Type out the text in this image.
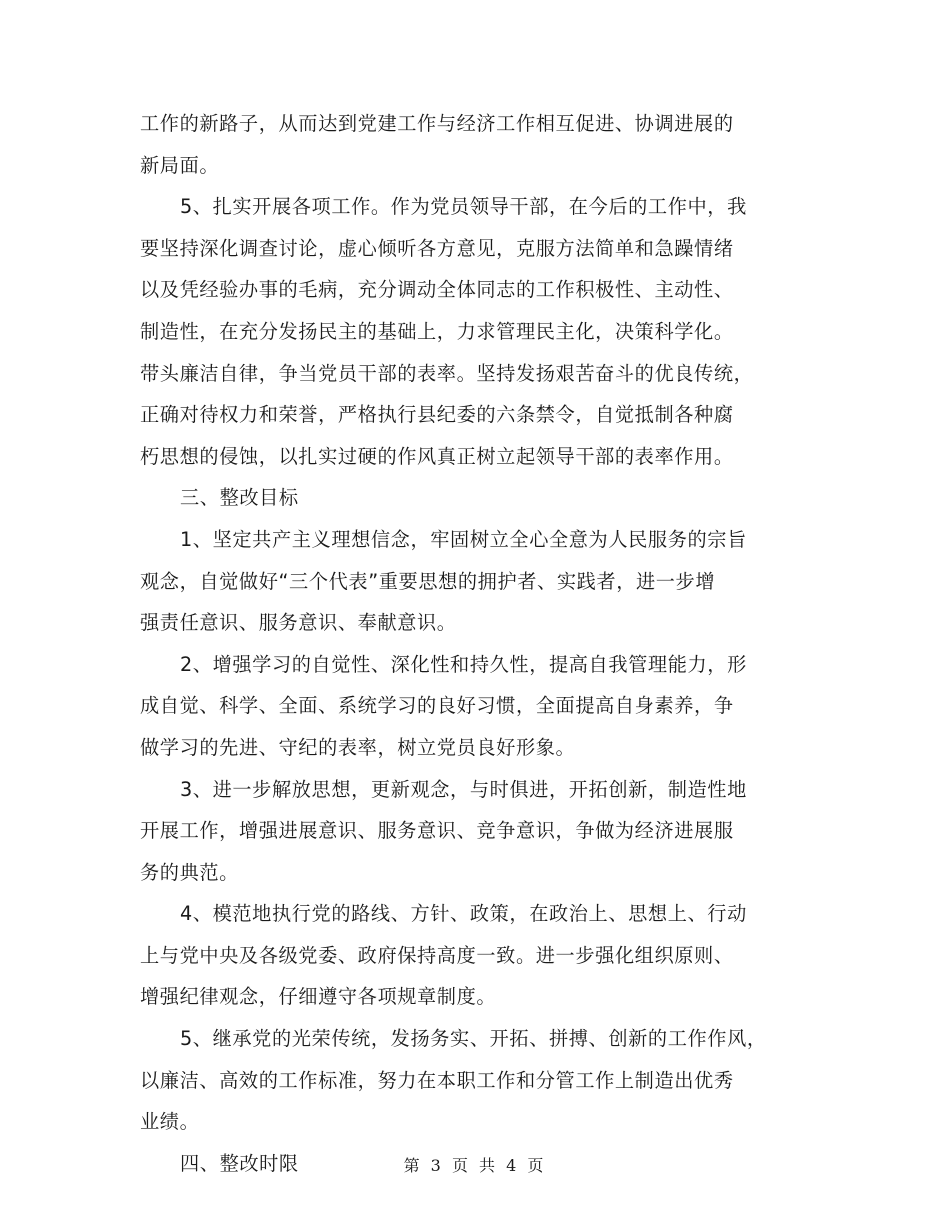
工作的新路子，从而达到党建工作与经济工作相互促进、协调进展的
新局面。

5、扎实开展各项工作。作为党员领导干部，在今后的工作中，我
要坚持深化调查讨论，虚心倾听各方意见，克服方法简单和急躁情绪
以及凭经验办事的毛病，充分调动全体同志的工作积极性、主动性、
制造性，在充分发扬民主的基础上，力求管理民主化，决策科学化。
带头廉洁自律，争当党员干部的表率。坚持发扬艰苦奋斗的优良传统，
正确对待权力和荣誉，严格执行县纪委的六条禁令，自觉抵制各种腐
朽思想的侵蚀，以扎实过硬的作风真正树立起领导干部的表率作用。

三、整改目标

1、坚定共产主义理想信念，牢固树立全心全意为人民服务的宗旨
观念，自觉做好“三个代表”重要思想的拥护者、实践者，进一步增
强责任意识、服务意识、奉献意识。

2、增强学习的自觉性、深化性和持久性，提高自我管理能力，形
成自觉、科学、全面、系统学习的良好习惯，全面提高自身素养，争
做学习的先进、守纪的表率，树立党员良好形象。

3、进一步解放思想，更新观念，与时俱进，开拓创新，制造性地
开展工作，增强进展意识、服务意识、竞争意识，争做为经济进展服
务的典范。

4、模范地执行党的路线、方针、政策，在政治上、思想上、行动
上与党中央及各级党委、政府保持高度一致。进一步强化组织原则、
增强纪律观念，仔细遵守各项规章制度。

5、继承党的光荣传统，发扬务实、开拓、拼搏、创新的工作作风，
以廉洁、高效的工作标准，努力在本职工作和分管工作上制造出优秀
业绩。

四、整改时限	第 3 页 共 4 页
